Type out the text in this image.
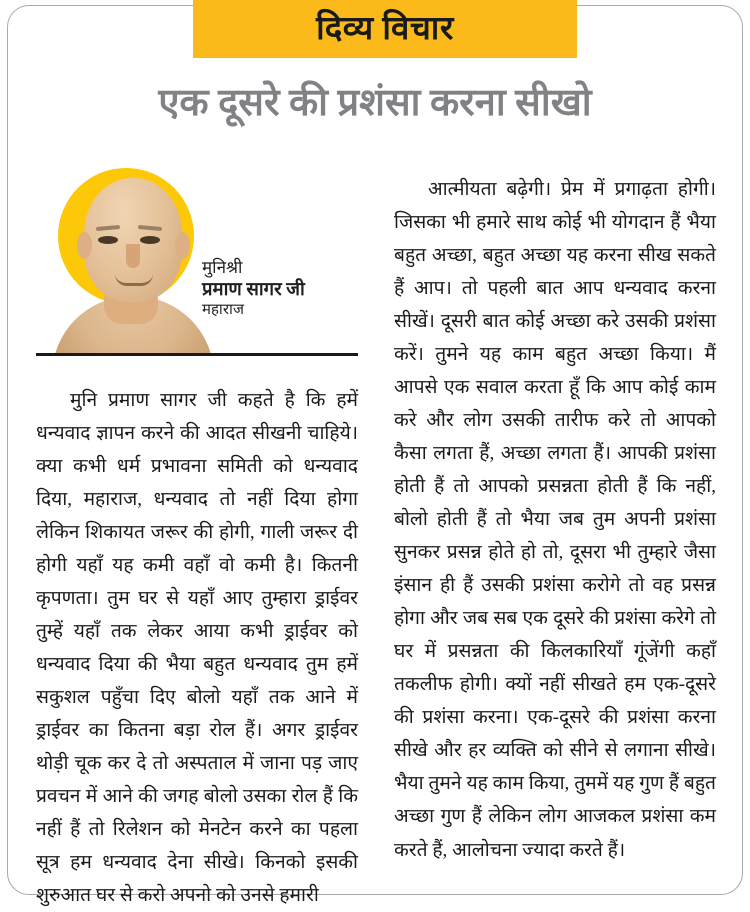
दिव्य विचार
एक दूसरे की प्रशंसा करना सीखो
मुनिश्री
प्रमाण सागर जी
महाराज

मुनि प्रमाण सागर जी कहते है कि हमें धन्यवाद ज्ञापन करने की आदत सीखनी चाहिये। क्या कभी धर्म प्रभावना समिती को धन्यवाद दिया, महाराज, धन्यवाद तो नहीं दिया होगा लेकिन शिकायत जरूर की होगी, गाली जरूर दी होगी यहाँ यह कमी वहाँ वो कमी है। कितनी कृपणता। तुम घर से यहाँ आए तुम्हारा ड्राईवर तुम्हें यहाँ तक लेकर आया कभी ड्राईवर को धन्यवाद दिया की भैया बहुत धन्यवाद तुम हमें सकुशल पहुँचा दिए बोलो यहाँ तक आने में ड्राईवर का कितना बड़ा रोल हैं। अगर ड्राईवर थोड़ी चूक कर दे तो अस्पताल में जाना पड़ जाए प्रवचन में आने की जगह बोलो उसका रोल हैं कि नहीं हैं तो रिलेशन को मेनटेन करने का पहला सूत्र हम धन्यवाद देना सीखे। किनको इसकी शुरुआत घर से करो अपनो को उनसे हमारी

आत्मीयता बढ़ेगी। प्रेम में प्रगाढ़ता होगी। जिसका भी हमारे साथ कोई भी योगदान हैं भैया बहुत अच्छा, बहुत अच्छा यह करना सीख सकते हैं आप। तो पहली बात आप धन्यवाद करना सीखें। दूसरी बात कोई अच्छा करे उसकी प्रशंसा करें। तुमने यह काम बहुत अच्छा किया। मैं आपसे एक सवाल करता हूँ कि आप कोई काम करे और लोग उसकी तारीफ करे तो आपको कैसा लगता हैं, अच्छा लगता हैं। आपकी प्रशंसा होती हैं तो आपको प्रसन्नता होती हैं कि नहीं, बोलो होती हैं तो भैया जब तुम अपनी प्रशंसा सुनकर प्रसन्न होते हो तो, दूसरा भी तुम्हारे जैसा इंसान ही हैं उसकी प्रशंसा करोगे तो वह प्रसन्न होगा और जब सब एक दूसरे की प्रशंसा करेगे तो घर में प्रसन्नता की किलकारियाँ गूंजेंगी कहाँ तकलीफ होगी। क्यों नहीं सीखते हम एक-दूसरे की प्रशंसा करना। एक-दूसरे की प्रशंसा करना सीखे और हर व्यक्ति को सीने से लगाना सीखे। भैया तुमने यह काम किया, तुममें यह गुण हैं बहुत अच्छा गुण हैं लेकिन लोग आजकल प्रशंसा कम करते हैं, आलोचना ज्यादा करते हैं।
